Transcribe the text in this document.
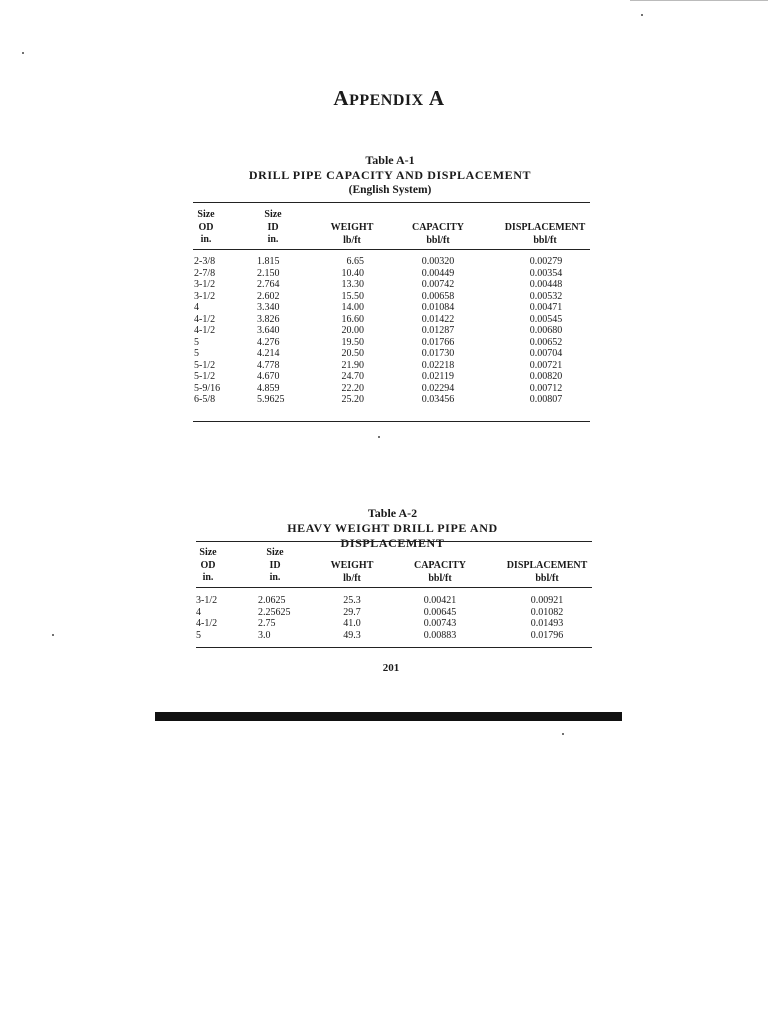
APPENDIX A
Table A-1
DRILL PIPE CAPACITY AND DISPLACEMENT
(English System)
Size
OD
in.
Size
ID
in.
WEIGHT
lb/ft
CAPACITY
bbl/ft
DISPLACEMENT
bbl/ft
2-3/8
2-7/8
3-1/2
3-1/2
4
4-1/2
4-1/2
5
5
5-1/2
5-1/2
5-9/16
6-5/8
1.815
2.150
2.764
2.602
3.340
3.826
3.640
4.276
4.214
4.778
4.670
4.859
5.9625
6.65
10.40
13.30
15.50
14.00
16.60
20.00
19.50
20.50
21.90
24.70
22.20
25.20
0.00320
0.00449
0.00742
0.00658
0.01084
0.01422
0.01287
0.01766
0.01730
0.02218
0.02119
0.02294
0.03456
0.00279
0.00354
0.00448
0.00532
0.00471
0.00545
0.00680
0.00652
0.00704
0.00721
0.00820
0.00712
0.00807
Table A-2
HEAVY WEIGHT DRILL PIPE AND DISPLACEMENT
Size
OD
in.
Size
ID
in.
WEIGHT
lb/ft
CAPACITY
bbl/ft
DISPLACEMENT
bbl/ft
3-1/2
4
4-1/2
5
2.0625
2.25625
2.75
3.0
25.3
29.7
41.0
49.3
0.00421
0.00645
0.00743
0.00883
0.00921
0.01082
0.01493
0.01796
201
